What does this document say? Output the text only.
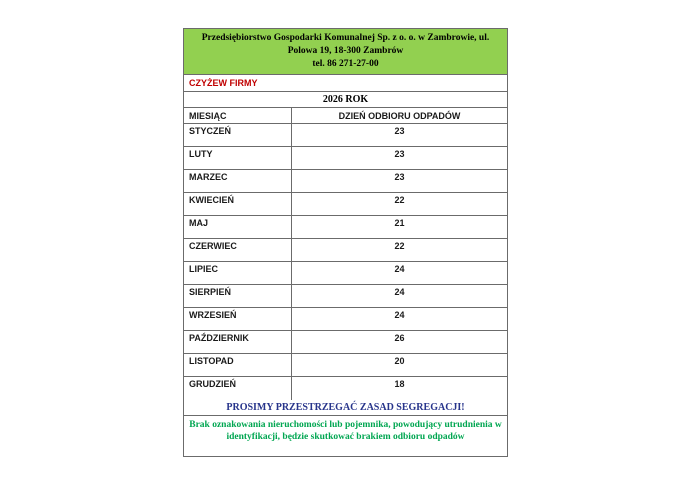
Przedsiębiorstwo Gospodarki Komunalnej Sp. z o. o. w Zambrowie, ul.
Polowa 19, 18-300 Zambrów
tel. 86 271-27-00
CZYŻEW FIRMY
2026 ROK
MIESIĄC	DZIEŃ ODBIORU ODPADÓW
STYCZEŃ	23
LUTY	23
MARZEC	23
KWIECIEŃ	22
MAJ	21
CZERWIEC	22
LIPIEC	24
SIERPIEŃ	24
WRZESIEŃ	24
PAŹDZIERNIK	26
LISTOPAD	20
GRUDZIEŃ	18
PROSIMY PRZESTRZEGAĆ ZASAD SEGREGACJI!
Brak oznakowania nieruchomości lub pojemnika, powodujący utrudnienia w
identyfikacji, będzie skutkować brakiem odbioru odpadów
